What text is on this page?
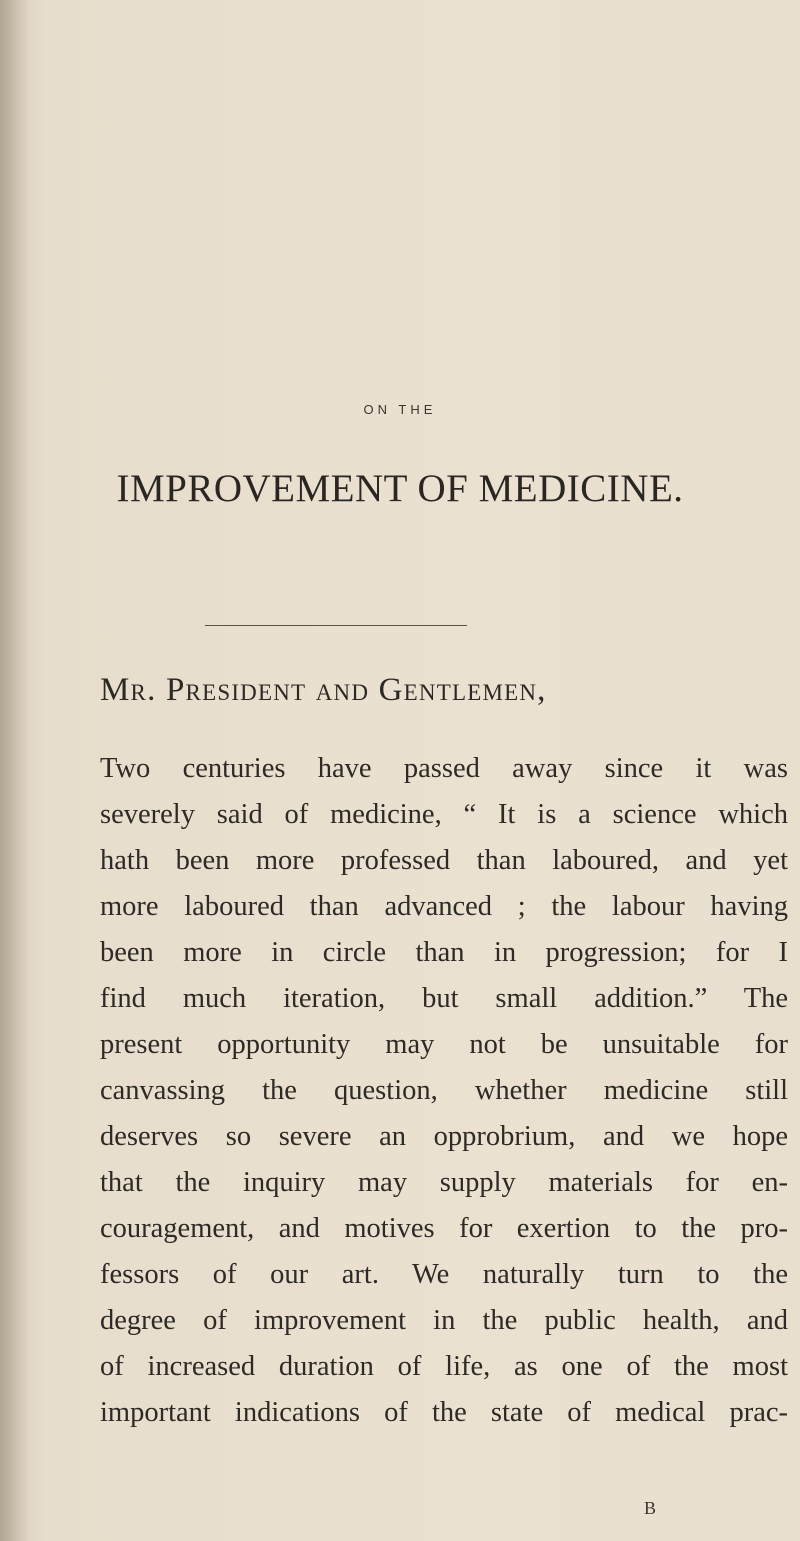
ON THE
IMPROVEMENT OF MEDICINE.
Mr. President and Gentlemen,
Two centuries have passed away since it was
severely said of medicine, “ It is a science which
hath been more professed than laboured, and yet
more laboured than advanced ; the labour having
been more in circle than in progression; for I
find much iteration, but small addition.” The
present opportunity may not be unsuitable for
canvassing the question, whether medicine still
deserves so severe an opprobrium, and we hope
that the inquiry may supply materials for en-
couragement, and motives for exertion to the pro-
fessors of our art. We naturally turn to the
degree of improvement in the public health, and
of increased duration of life, as one of the most
important indications of the state of medical prac-
B
